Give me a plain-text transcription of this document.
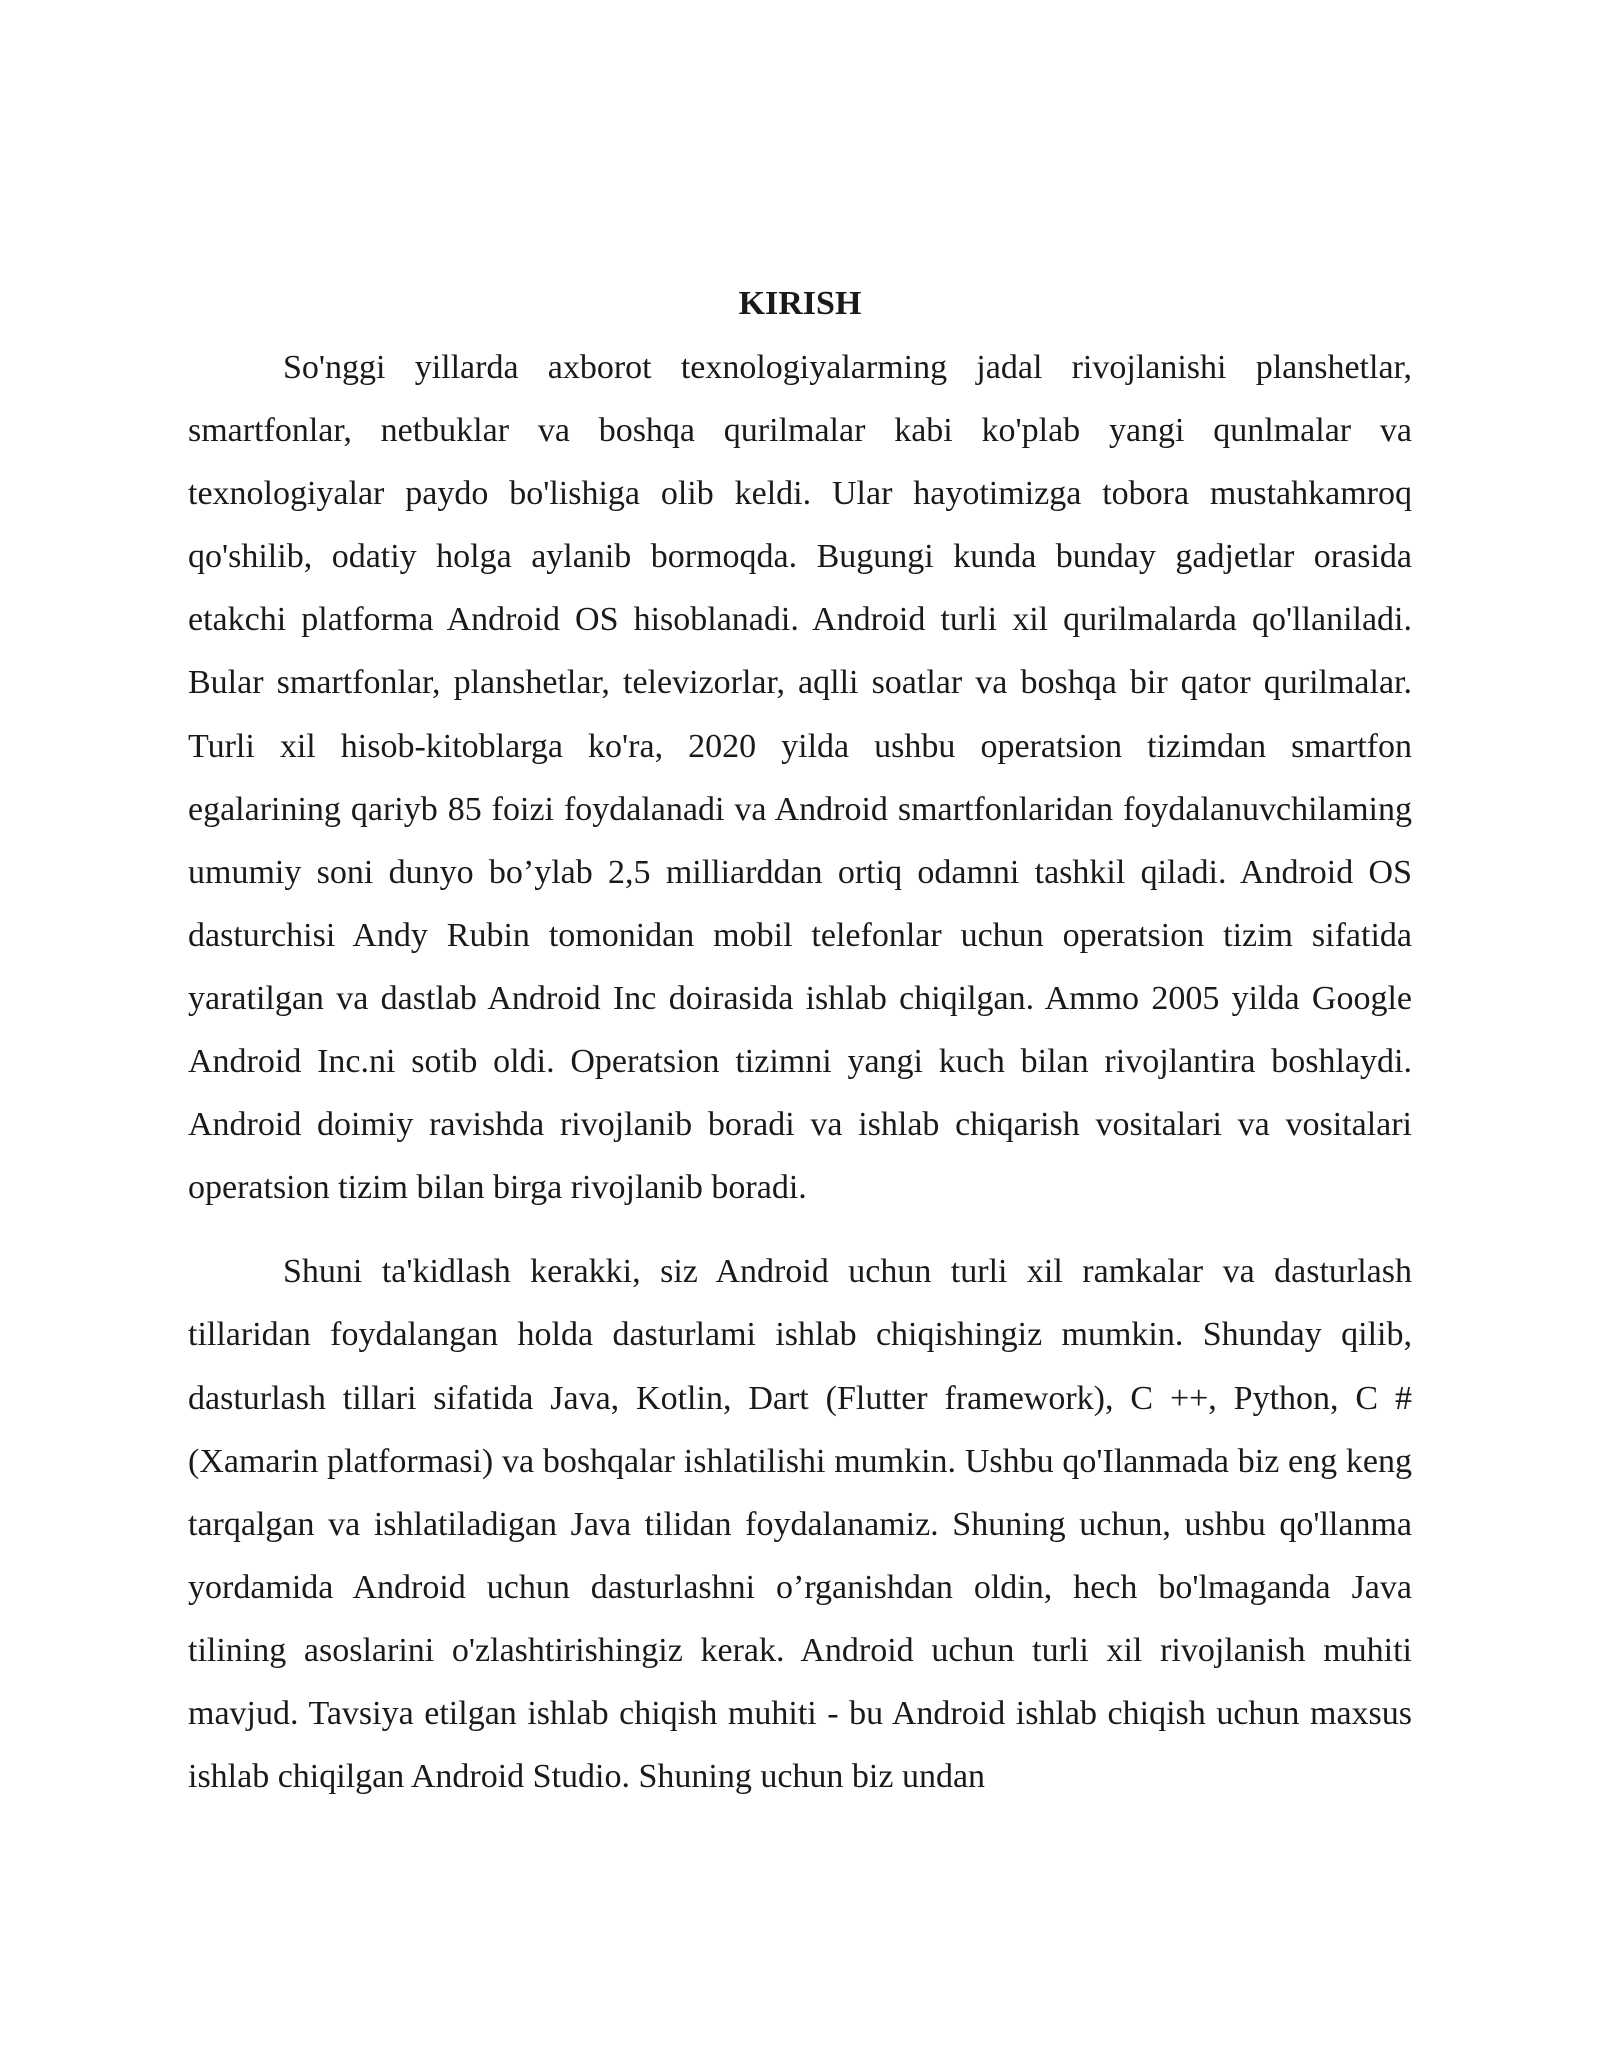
KIRISH

So'nggi yillarda axborot texnologiyalarming jadal rivojlanishi planshetlar, smartfonlar, netbuklar va boshqa qurilmalar kabi ko'plab yangi qunlmalar va texnologiyalar paydo bo'lishiga olib keldi. Ular hayotimizga tobora mustahkamroq qo'shilib, odatiy holga aylanib bormoqda. Bugungi kunda bunday gadjetlar orasida etakchi platforma Android OS hisoblanadi. Android turli xil qurilmalarda qo'llaniladi. Bular smartfonlar, planshetlar, televizorlar, aqlli soatlar va boshqa bir qator qurilmalar. Turli xil hisob-kitoblarga ko'ra, 2020 yilda ushbu operatsion tizimdan smartfon egalarining qariyb 85 foizi foydalanadi va Android smartfonlaridan foydalanuvchilaming umumiy soni dunyo bo’ylab 2,5 milliarddan ortiq odamni tashkil qiladi. Android OS dasturchisi Andy Rubin tomonidan mobil telefonlar uchun operatsion tizim sifatida yaratilgan va dastlab Android Inc doirasida ishlab chiqilgan. Ammo 2005 yilda Google Android Inc.ni sotib oldi. Operatsion tizimni yangi kuch bilan rivojlantira boshlaydi. Android doimiy ravishda rivojlanib boradi va ishlab chiqarish vositalari va vositalari operatsion tizim bilan birga rivojlanib boradi.

Shuni ta'kidlash kerakki, siz Android uchun turli xil ramkalar va dasturlash tillaridan foydalangan holda dasturlami ishlab chiqishingiz mumkin. Shunday qilib, dasturlash tillari sifatida Java, Kotlin, Dart (Flutter framework), C ++, Python, C # (Xamarin platformasi) va boshqalar ishlatilishi mumkin. Ushbu qo'Ilanmada biz eng keng tarqalgan va ishlatiladigan Java tilidan foydalanamiz. Shuning uchun, ushbu qo'llanma yordamida Android uchun dasturlashni o’rganishdan oldin, hech bo'lmaganda Java tilining asoslarini o'zlashtirishingiz kerak. Android uchun turli xil rivojlanish muhiti mavjud. Tavsiya etilgan ishlab chiqish muhiti - bu Android ishlab chiqish uchun maxsus ishlab chiqilgan Android Studio. Shuning uchun biz undan
